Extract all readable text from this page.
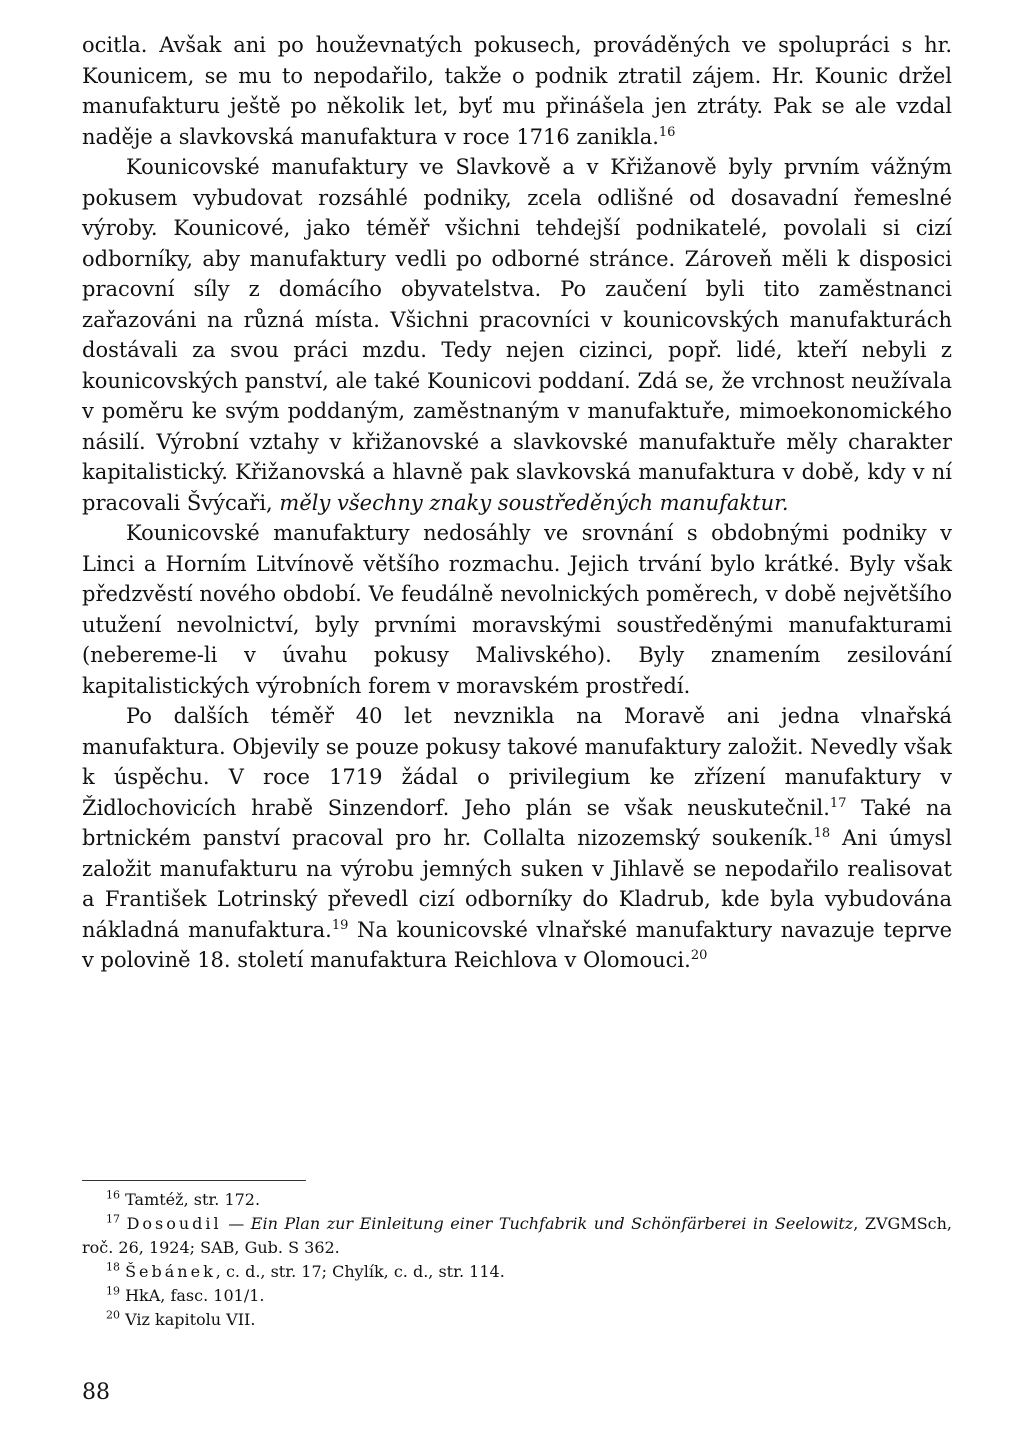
ocitla. Avšak ani po houževnatých pokusech, prováděných ve spolupráci s hr. Kounicem, se mu to nepodařilo, takže o podnik ztratil zájem. Hr. Kounic držel manufakturu ještě po několik let, byť mu přinášela jen ztráty. Pak se ale vzdal naděje a slavkovská manufaktura v roce 1716 zanikla.$^{16}$

Kounicovské manufaktury ve Slavkově a v Křižanově byly prvním vážným pokusem vybudovat rozsáhlé podniky, zcela odlišné od dosavadní řemeslné výroby. Kounicové, jako téměř všichni tehdejší podnikatelé, povolali si cizí odborníky, aby manufaktury vedli po odborné stránce. Zároveň měli k disposici pracovní síly z domácího obyvatelstva. Po zaučení byli tito zaměstnanci zařazováni na různá místa. Všichni pracovníci v kounicovských manufakturách dostávali za svou práci mzdu. Tedy nejen cizinci, popř. lidé, kteří nebyli z kounicovských panství, ale také Kounicovi poddaní. Zdá se, že vrchnost neužívala v poměru ke svým poddaným, zaměstnaným v manufaktuře, mimoekonomického násilí. Výrobní vztahy v křižanovské a slavkovské manufaktuře měly charakter kapitalistický. Křižanovská a hlavně pak slavkovská manufaktura v době, kdy v ní pracovali Švýcaři, měly všechny znaky soustředěných manufaktur.

Kounicovské manufaktury nedosáhly ve srovnání s obdobnými podniky v Linci a Horním Litvínově většího rozmachu. Jejich trvání bylo krátké. Byly však předzvěstí nového období. Ve feudálně nevolnických poměrech, v době největšího utužení nevolnictví, byly prvními moravskými soustředěnými manufakturami (nebereme-li v úvahu pokusy Malivského). Byly znamením zesilování kapitalistických výrobních forem v moravském prostředí.

Po dalších téměř 40 let nevznikla na Moravě ani jedna vlnařská manufaktura. Objevily se pouze pokusy takové manufaktury založit. Nevedly však k úspěchu. V roce 1719 žádal o privilegium ke zřízení manufaktury v Židlochovicích hrabě Sinzendorf. Jeho plán se však neuskutečnil.$^{17}$ Také na brtnickém panství pracoval pro hr. Collalta nizozemský soukeník.$^{18}$ Ani úmysl založit manufakturu na výrobu jemných suken v Jihlavě se nepodařilo realisovat a František Lotrinský převedl cizí odborníky do Kladrub, kde byla vybudována nákladná manufaktura.$^{19}$ Na kounicovské vlnařské manufaktury navazuje teprve v polovině 18. století manufaktura Reichlova v Olomouci.$^{20}$

$^{16}$ Tamtéž, str. 172.
$^{17}$ Dosoudil — Ein Plan zur Einleitung einer Tuchfabrik und Schönfärberei in Seelowitz, ZVGMSch, roč. 26, 1924; SAB, Gub. S 362.
$^{18}$ Šebánek, c. d., str. 17; Chylík, c. d., str. 114.
$^{19}$ HkA, fasc. 101/1.
$^{20}$ Viz kapitolu VII.
88
